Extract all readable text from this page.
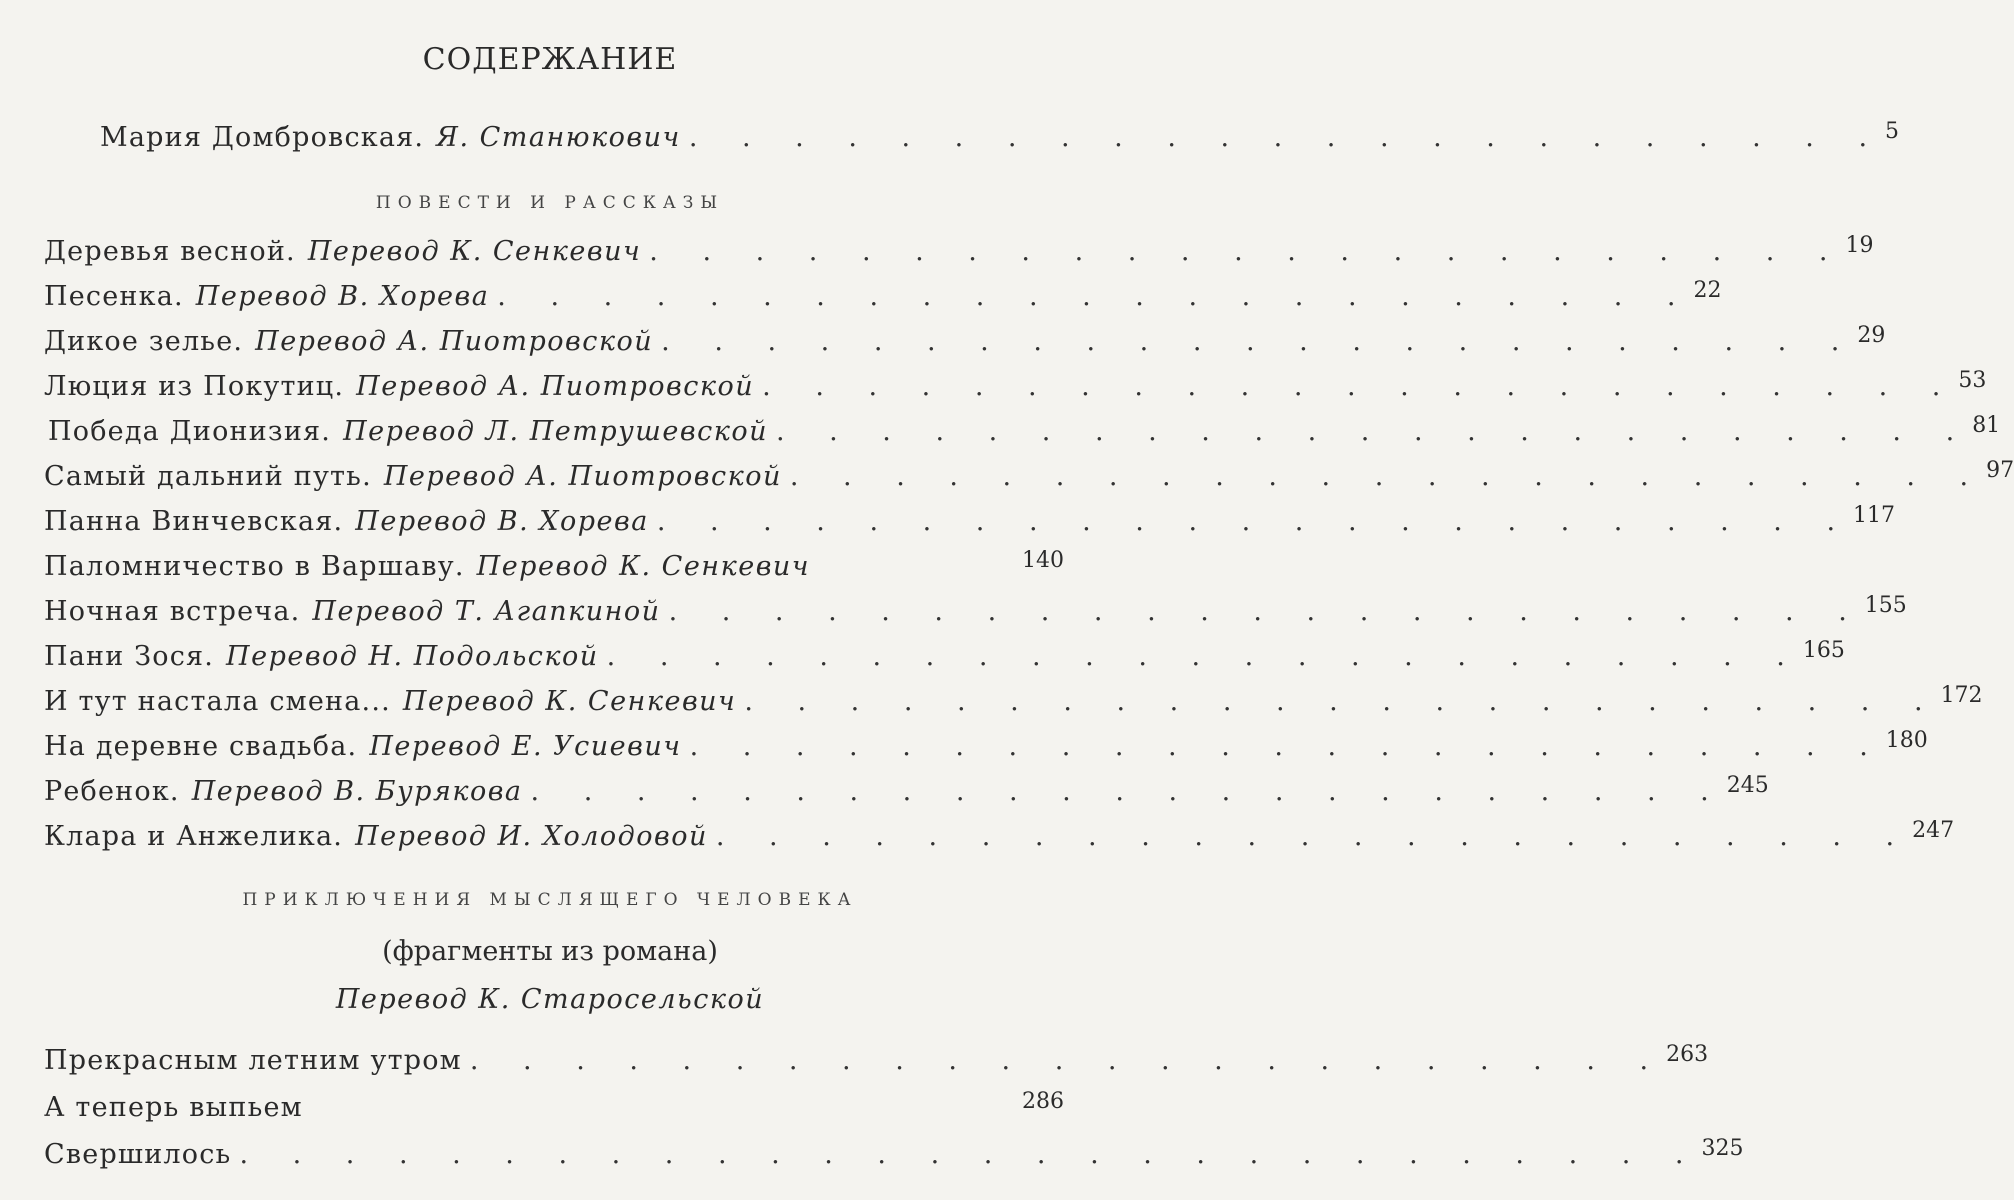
СОДЕРЖАНИЕ
Мария Домбровская. Я. Станюкович . . . . . . . . . . . . . . . . . . . . . . . 5
ПОВЕСТИ И РАССКАЗЫ
Деревья весной. Перевод К. Сенкевич . . . . . . . . . . . . . . . . . . . . . . . 19
Песенка. Перевод В. Хорева . . . . . . . . . . . . . . . . . . . . . . . 22
Дикое зелье. Перевод А. Пиотровской . . . . . . . . . . . . . . . . . . . . . . . 29
Люция из Покутиц. Перевод А. Пиотровской . . . . . . . . . . . . . . . . . . . . . . . 53
Победа Дионизия. Перевод Л. Петрушевской . . . . . . . . . . . . . . . . . . . . . . . 81
Самый дальний путь. Перевод А. Пиотровской . . . . . . . . . . . . . . . . . . . . . . . 97
Панна Винчевская. Перевод В. Хорева . . . . . . . . . . . . . . . . . . . . . . . 117
Паломничество в Варшаву. Перевод К. Сенкевич	140
Ночная встреча. Перевод Т. Агапкиной . . . . . . . . . . . . . . . . . . . . . . . 155
Пани Зося. Перевод Н. Подольской . . . . . . . . . . . . . . . . . . . . . . . 165
И тут настала смена... Перевод К. Сенкевич . . . . . . . . . . . . . . . . . . . . . . . 172
На деревне свадьба. Перевод Е. Усиевич . . . . . . . . . . . . . . . . . . . . . . . 180
Ребенок. Перевод В. Бурякова . . . . . . . . . . . . . . . . . . . . . . . 245
Клара и Анжелика. Перевод И. Холодовой . . . . . . . . . . . . . . . . . . . . . . . 247
ПРИКЛЮЧЕНИЯ МЫСЛЯЩЕГО ЧЕЛОВЕКА
(фрагменты из романа)
Перевод К. Старосельской
Прекрасным летним утром . . . . . . . . . . . . . . . . . . . . . . . 263
А теперь выпьем	286
Свершилось . . . . . . . . . . . . . . . . . . . . . . . . . . . . 325
